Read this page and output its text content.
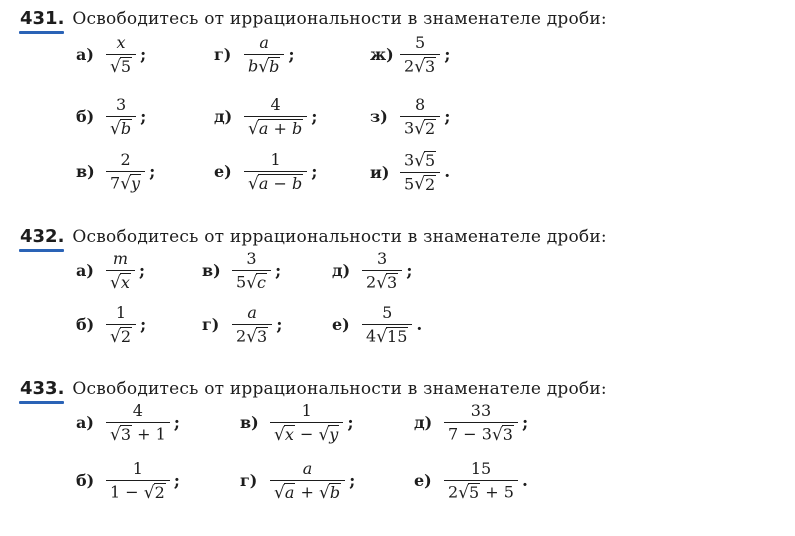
431. Освободитесь от иррациональности в знаменателе дроби:
$а) \frac{x}{√ 5}$ ;
$б) \frac{3}{√ b}$ ;
$в) \frac{2}{7 √ y}$ ;
$г) \frac{a}{b √ b}$ ;
$д) \frac{4}{√ a + b}$ ;
$е) \frac{1}{√ a - b}$ ;
$ж) \frac{5}{2 √ 3}$ ;
$з) \frac{8}{3 √ 2}$ ;
$и) \frac{3 √ 5}{5 √ 2}$ .
432. Освободитесь от иррациональности в знаменателе дроби:
$а) \frac{m}{√ x}$ ;
$б) \frac{1}{√ 2}$ ;
$в) \frac{3}{5 √ c}$ ;
$г) \frac{a}{2 √ 3}$ ;
$д) \frac{3}{2 √ 3}$ ;
$е) \frac{5}{4 √ 15}$ .
433. Освободитесь от иррациональности в знаменателе дроби:
$а) \frac{4}{√ 3 + 1}$ ;
$б) \frac{1}{1 - √ 2}$ ;
$в) \frac{1}{√ x - √ y}$ ;
$г) \frac{a}{√ a + √ b}$ ;
$д) \frac{33}{7 - 3 √ 3}$ ;
$е) \frac{15}{2 √ 5 + 5}$ .
